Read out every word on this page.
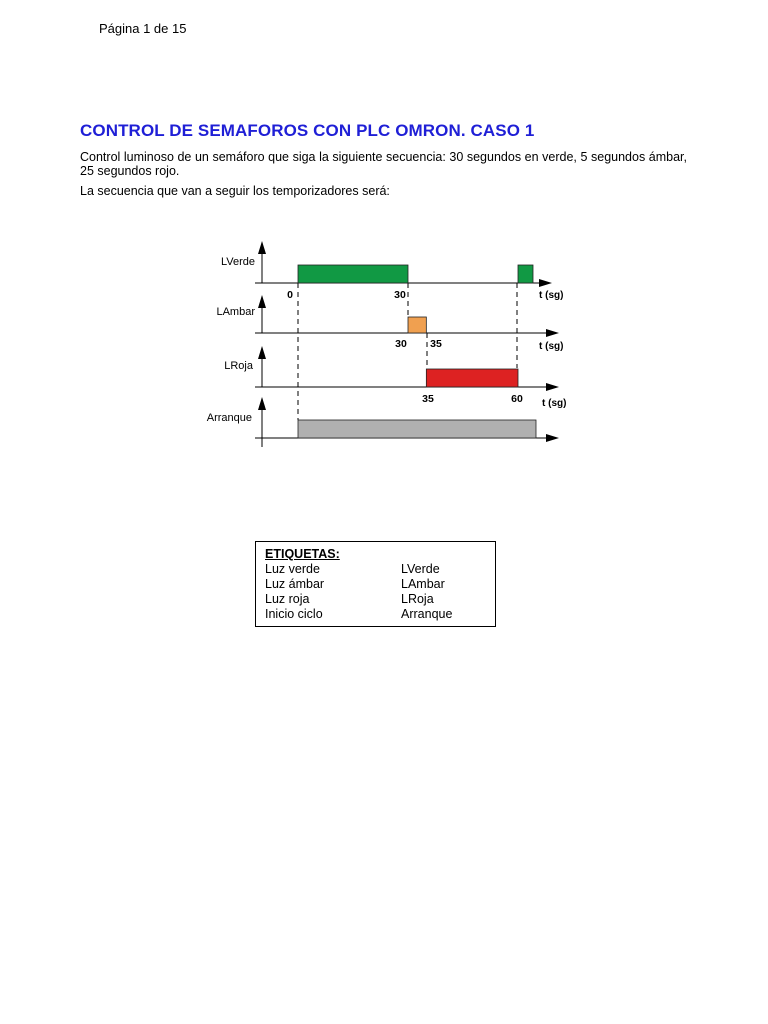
Página 1 de 15
CONTROL DE SEMAFOROS CON PLC OMRON. CASO 1

Control luminoso de un semáforo que siga la siguiente secuencia: 30 segundos en verde, 5 segundos ámbar, 25 segundos rojo.

La secuencia que van a seguir los temporizadores será:

LVerde
0	30	t (sg)
LAmbar
30 35	t (sg)
LRoja
35	60 t (sg)
Arranque
ETIQUETAS:
Luz verde	LVerde
Luz ámbar	LAmbar
Luz roja	LRoja
Inicio ciclo	Arranque
